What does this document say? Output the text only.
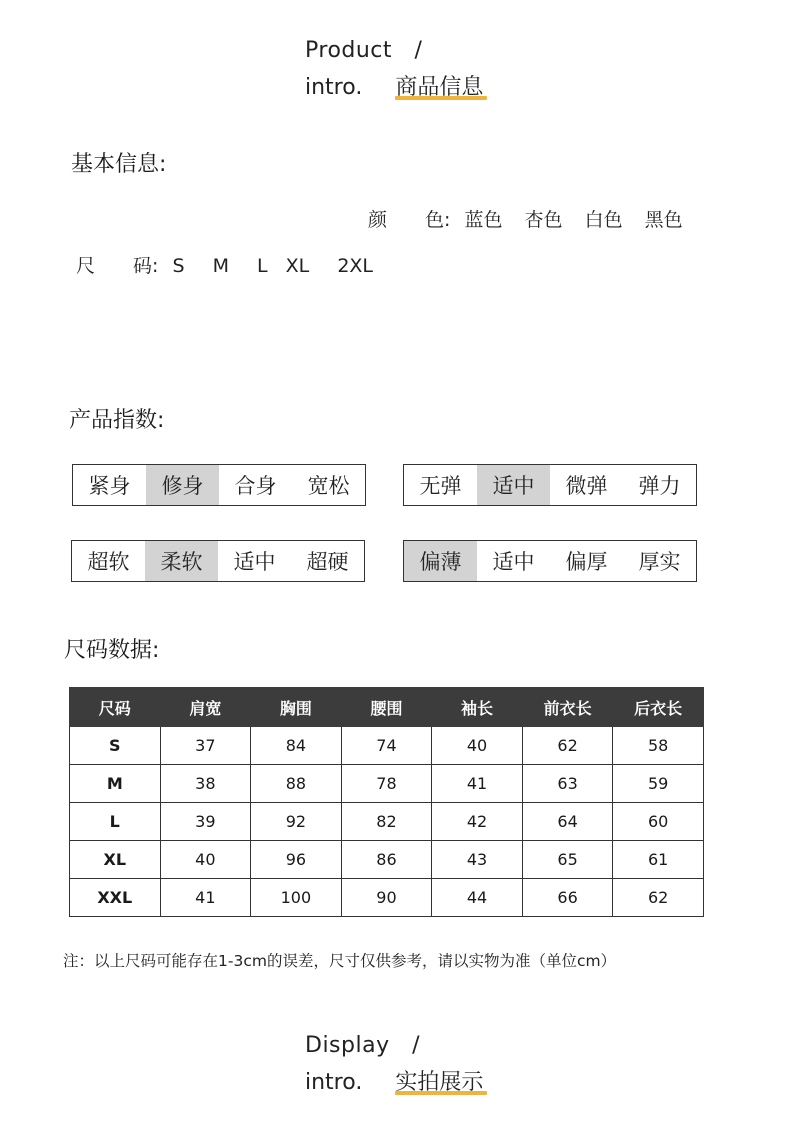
Product　/
intro. 商品信息
基本信息:
颜　　色: 蓝色 杏色 白色 黑色
尺　　码: S M L XL 2XL
产品指数:
紧身	修身	合身	宽松	无弹	适中	微弹	弹力
超软	柔软	适中	超硬	偏薄	适中	偏厚	厚实
尺码数据:
尺码	肩宽	胸围	腰围	袖长	前衣长	后衣长
S	37	84	74	40	62	58
M	38	88	78	41	63	59
L	39	92	82	42	64	60
XL	40	96	86	43	65	61
XXL	41	100	90	44	66	62
注：以上尺码可能存在1-3cm的误差，尺寸仅供参考，请以实物为准（单位cm）
Display　/
intro. 实拍展示
